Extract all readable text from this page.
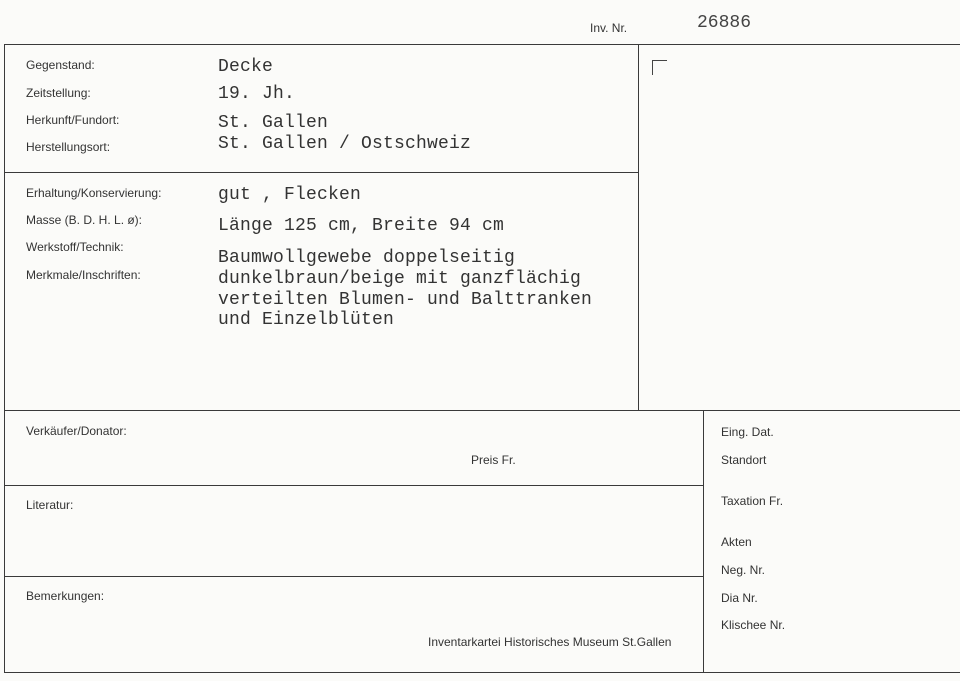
Inv. Nr.	26886
Gegenstand:
Zeitstellung:
Herkunft/Fundort:
Herstellungsort:
Decke
19. Jh.
St. Gallen
St. Gallen / Ostschweiz
Erhaltung/Konservierung:
Masse (B. D. H. L. ø):
Werkstoff/Technik:
Merkmale/Inschriften:
gut , Flecken
Länge 125 cm, Breite 94 cm
Baumwollgewebe doppelseitig
dunkelbraun/beige mit ganzflächig
verteilten Blumen- und Balttranken
und Einzelblüten
Verkäufer/Donator:
Preis Fr.
Literatur:
Bemerkungen:
Inventarkartei Historisches Museum St.Gallen
Eing. Dat.
Standort
Taxation Fr.
Akten
Neg. Nr.
Dia Nr.
Klischee Nr.
